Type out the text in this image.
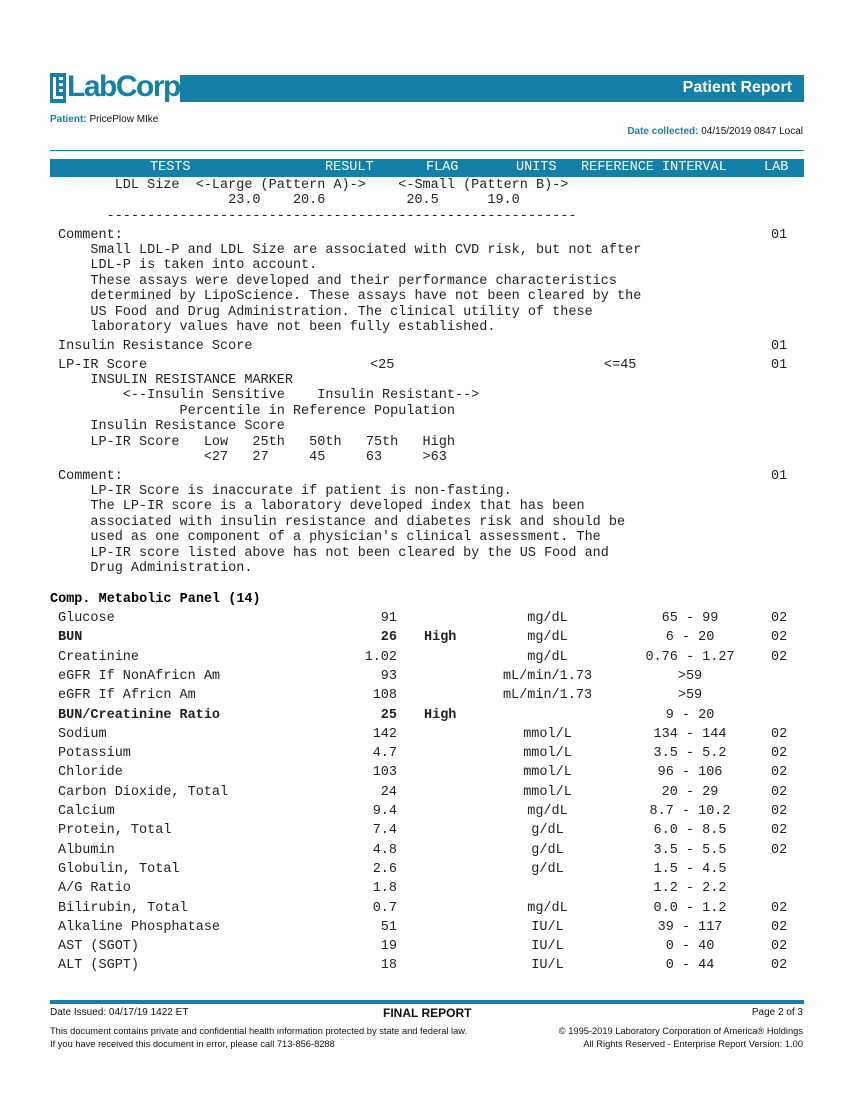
LabCorp	Patient Report
Patient: PricePlow MIke
Date collected: 04/15/2019 0847 Local
TESTS	RESULT	FLAG	UNITS REFERENCE INTERVAL	LAB
LDL Size  <-Large (Pattern A)->    <-Small (Pattern B)->
23.0    20.6          20.5      19.0
----------------------------------------------------------
Comment:	01
Small LDL-P and LDL Size are associated with CVD risk, but not after
LDL-P is taken into account.
These assays were developed and their performance characteristics
determined by LipoScience. These assays have not been cleared by the
US Food and Drug Administration. The clinical utility of these
laboratory values have not been fully established.
Insulin Resistance Score	01
LP-IR Score	<25	<=45	01
INSULIN RESISTANCE MARKER
<--Insulin Sensitive    Insulin Resistant-->
Percentile in Reference Population
Insulin Resistance Score
LP-IR Score   Low   25th   50th   75th   High
<27   27     45     63     >63
Comment:	01
LP-IR Score is inaccurate if patient is non-fasting.
The LP-IR score is a laboratory developed index that has been
associated with insulin resistance and diabetes risk and should be
used as one component of a physician's clinical assessment. The
LP-IR score listed above has not been cleared by the US Food and
Drug Administration.
Comp. Metabolic Panel (14)
Glucose	91	mg/dL	65 - 99	02
BUN	26 High	mg/dL	6 - 20	02
Creatinine	1.02	mg/dL	0.76 - 1.27	02
eGFR If NonAfricn Am	93	mL/min/1.73	>59
eGFR If Africn Am	108	mL/min/1.73	>59
BUN/Creatinine Ratio	25 High	9 - 20
Sodium	142	mmol/L	134 - 144	02
Potassium	4.7	mmol/L	3.5 - 5.2	02
Chloride	103	mmol/L	96 - 106	02
Carbon Dioxide, Total	24	mmol/L	20 - 29	02
Calcium	9.4	mg/dL	8.7 - 10.2	02
Protein, Total	7.4	g/dL	6.0 - 8.5	02
Albumin	4.8	g/dL	3.5 - 5.5	02
Globulin, Total	2.6	g/dL	1.5 - 4.5
A/G Ratio	1.8	1.2 - 2.2
Bilirubin, Total	0.7	mg/dL	0.0 - 1.2	02
Alkaline Phosphatase	51	IU/L	39 - 117	02
AST (SGOT)	19	IU/L	0 - 40	02
ALT (SGPT)	18	IU/L	0 - 44	02
Date Issued: 04/17/19 1422 ET	FINAL REPORT	Page 2 of 3
This document contains private and confidential health information protected by state and federal law.
If you have received this document in error, please call 713-856-8288
© 1995-2019 Laboratory Corporation of America® Holdings
All Rights Reserved - Enterprise Report Version: 1.00
